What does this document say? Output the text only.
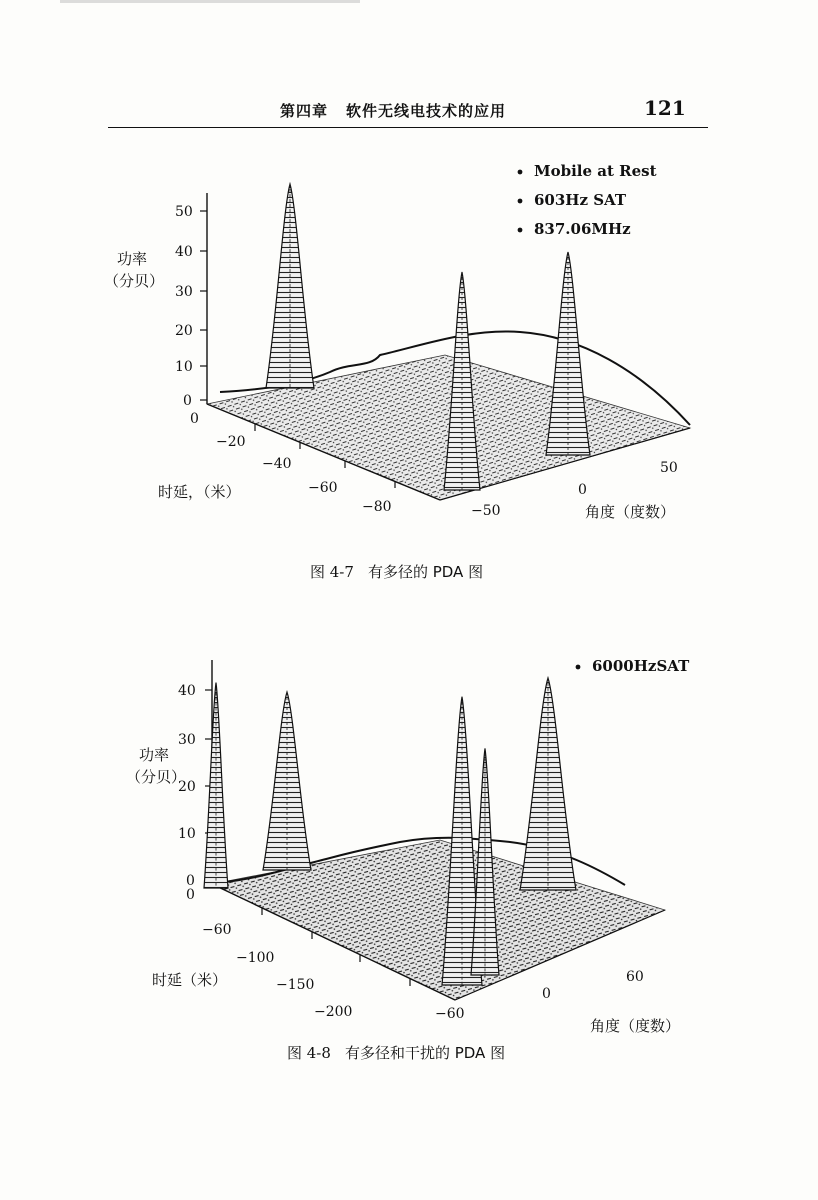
第四章 软件无线电技术的应用	121
50
40
30
20
10
0
0
−20
−40
−60
−80	−50
0
50
功率
（分贝）
时延，（米）
角度（度数）
Mobile at Rest
603Hz SAT
837.06MHz
图 4-7 有多径的 PDA 图
40
30
20
10
0
0
−60
−100
−150
−200	−60
0
60
功率
（分贝）
时延（米）
角度（度数）
6000HzSAT
图 4-8 有多径和干扰的 PDA 图
